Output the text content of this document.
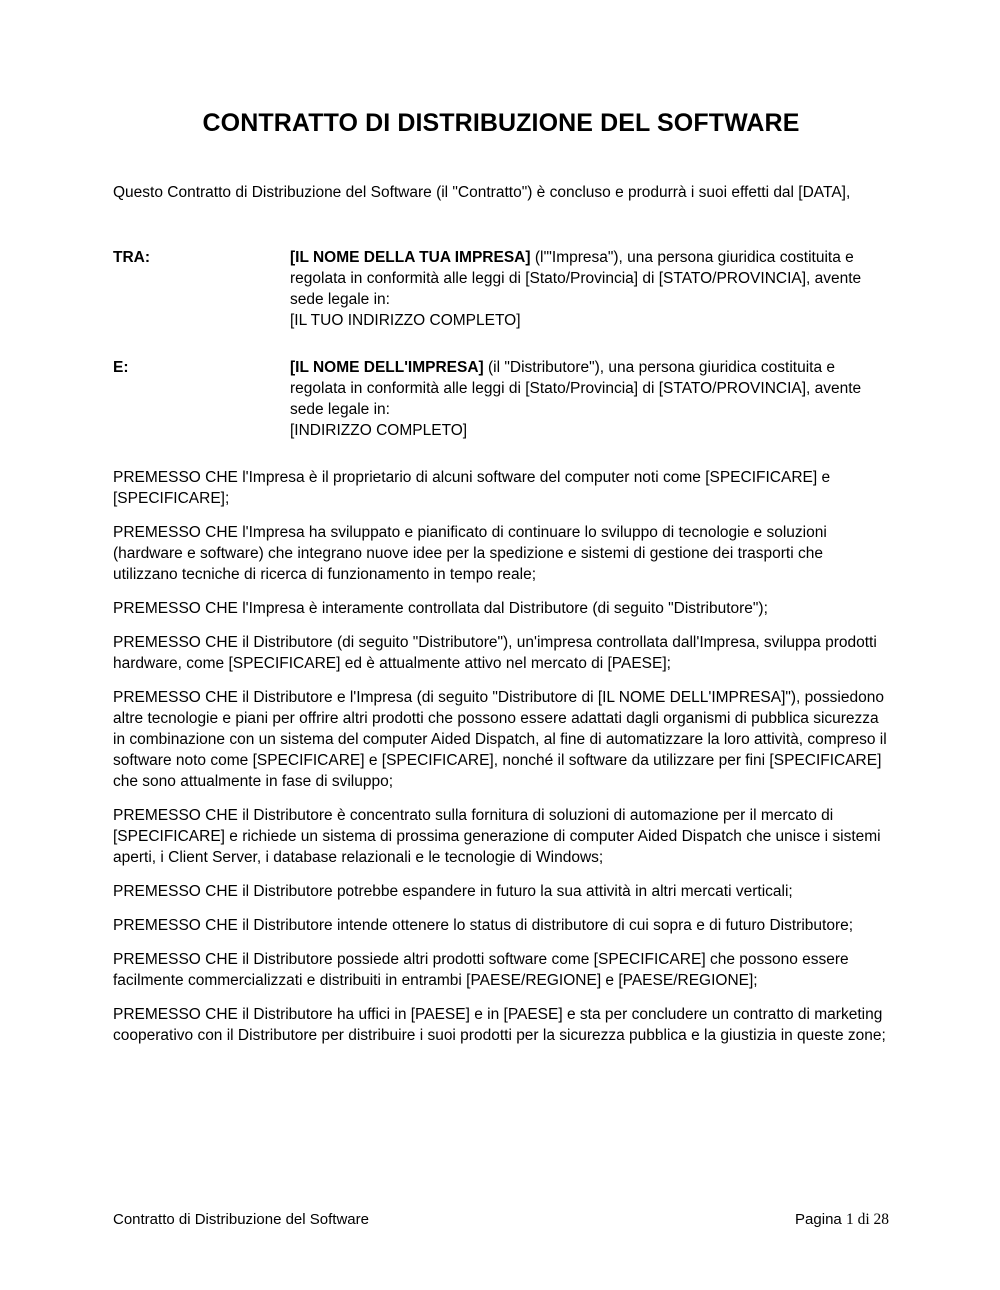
CONTRATTO DI DISTRIBUZIONE DEL SOFTWARE

Questo Contratto di Distribuzione del Software (il "Contratto") è concluso e produrrà i suoi effetti dal [DATA],

TRA:	[IL NOME DELLA TUA IMPRESA] (l'"Impresa"), una persona giuridica costituita e regolata in conformità alle leggi di [Stato/Provincia] di [STATO/PROVINCIA], avente sede legale in:

[IL TUO INDIRIZZO COMPLETO]

E:	[IL NOME DELL'IMPRESA] (il "Distributore"), una persona giuridica costituita e regolata in conformità alle leggi di [Stato/Provincia] di [STATO/PROVINCIA], avente sede legale in:

[INDIRIZZO COMPLETO]

PREMESSO CHE l'Impresa è il proprietario di alcuni software del computer noti come [SPECIFICARE] e [SPECIFICARE];

PREMESSO CHE l'Impresa ha sviluppato e pianificato di continuare lo sviluppo di tecnologie e soluzioni (hardware e software) che integrano nuove idee per la spedizione e sistemi di gestione dei trasporti che utilizzano tecniche di ricerca di funzionamento in tempo reale;

PREMESSO CHE l'Impresa è interamente controllata dal Distributore (di seguito "Distributore");

PREMESSO CHE il Distributore (di seguito "Distributore"), un'impresa controllata dall'Impresa, sviluppa prodotti hardware, come [SPECIFICARE] ed è attualmente attivo nel mercato di [PAESE];

PREMESSO CHE il Distributore e l'Impresa (di seguito "Distributore di [IL NOME DELL'IMPRESA]"), possiedono altre tecnologie e piani per offrire altri prodotti che possono essere adattati dagli organismi di pubblica sicurezza in combinazione con un sistema del computer Aided Dispatch, al fine di automatizzare la loro attività, compreso il software noto come [SPECIFICARE] e [SPECIFICARE], nonché il software da utilizzare per fini [SPECIFICARE] che sono attualmente in fase di sviluppo;

PREMESSO CHE il Distributore è concentrato sulla fornitura di soluzioni di automazione per il mercato di [SPECIFICARE] e richiede un sistema di prossima generazione di computer Aided Dispatch che unisce i sistemi aperti, i Client Server, i database relazionali e le tecnologie di Windows;

PREMESSO CHE il Distributore potrebbe espandere in futuro la sua attività in altri mercati verticali;

PREMESSO CHE il Distributore intende ottenere lo status di distributore di cui sopra e di futuro Distributore;

PREMESSO CHE il Distributore possiede altri prodotti software come [SPECIFICARE] che possono essere facilmente commercializzati e distribuiti in entrambi [PAESE/REGIONE] e [PAESE/REGIONE];

PREMESSO CHE il Distributore ha uffici in [PAESE] e in [PAESE] e sta per concludere un contratto di marketing cooperativo con il Distributore per distribuire i suoi prodotti per la sicurezza pubblica e la giustizia in queste zone;

Contratto di Distribuzione del Software	Pagina 1 di 28
